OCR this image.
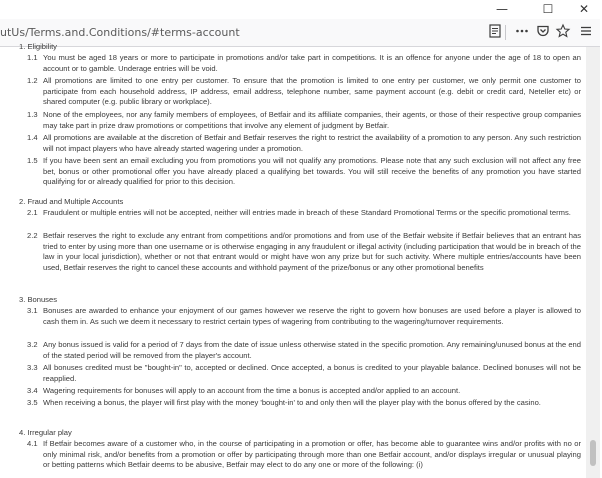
—	☐	✕
utUs/Terms.and.Conditions/#terms-account
1. Eligibility
1.1 You must be aged 18 years or more to participate in promotions and/or take part in competitions. It is an offence for anyone under the age of 18 to open an account or to gamble. Underage entries will be void.
1.2 All promotions are limited to one entry per customer. To ensure that the promotion is limited to one entry per customer, we only permit one customer to participate from each household address, IP address, email address, telephone number, same payment account (e.g. debit or credit card, Neteller etc) or shared computer (e.g. public library or workplace).
1.3 None of the employees, nor any family members of employees, of Betfair and its affiliate companies, their agents, or those of their respective group companies may take part in prize draw promotions or competitions that involve any element of judgment by Betfair.
1.4 All promotions are available at the discretion of Betfair and Betfair reserves the right to restrict the availability of a promotion to any person. Any such restriction will not impact players who have already started wagering under a promotion.
1.5 If you have been sent an email excluding you from promotions you will not qualify any promotions. Please note that any such exclusion will not affect any free bet, bonus or other promotional offer you have already placed a qualifying bet towards. You will still receive the benefits of any promotion you have started qualifying for or already qualified for prior to this decision.
2. Fraud and Multiple Accounts
2.1 Fraudulent or multiple entries will not be accepted, neither will entries made in breach of these Standard Promotional Terms or the specific promotional terms.
2.2 Betfair reserves the right to exclude any entrant from competitions and/or promotions and from use of the Betfair website if Betfair believes that an entrant has tried to enter by using more than one username or is otherwise engaging in any fraudulent or illegal activity (including participation that would be in breach of the law in your local jurisdiction), whether or not that entrant would or might have won any prize but for such activity. Where multiple entries/accounts have been used, Betfair reserves the right to cancel these accounts and withhold payment of the prize/bonus or any other promotional benefits
3. Bonuses
3.1 Bonuses are awarded to enhance your enjoyment of our games however we reserve the right to govern how bonuses are used before a player is allowed to cash them in. As such we deem it necessary to restrict certain types of wagering from contributing to the wagering/turnover requirements.
3.2 Any bonus issued is valid for a period of 7 days from the date of issue unless otherwise stated in the specific promotion. Any remaining/unused bonus at the end of the stated period will be removed from the player's account.
3.3 All bonuses credited must be "bought-in" to, accepted or declined. Once accepted, a bonus is credited to your playable balance. Declined bonuses will not be reapplied.
3.4 Wagering requirements for bonuses will apply to an account from the time a bonus is accepted and/or applied to an account.
3.5 When receiving a bonus, the player will first play with the money 'bought-in' to and only then will the player play with the bonus offered by the casino.
4. Irregular play
4.1 If Betfair becomes aware of a customer who, in the course of participating in a promotion or offer, has become able to guarantee wins and/or profits with no or only minimal risk, and/or benefits from a promotion or offer by participating through more than one Betfair account, and/or displays irregular or unusual playing or betting patterns which Betfair deems to be abusive, Betfair may elect to do any one or more of the following: (i)
